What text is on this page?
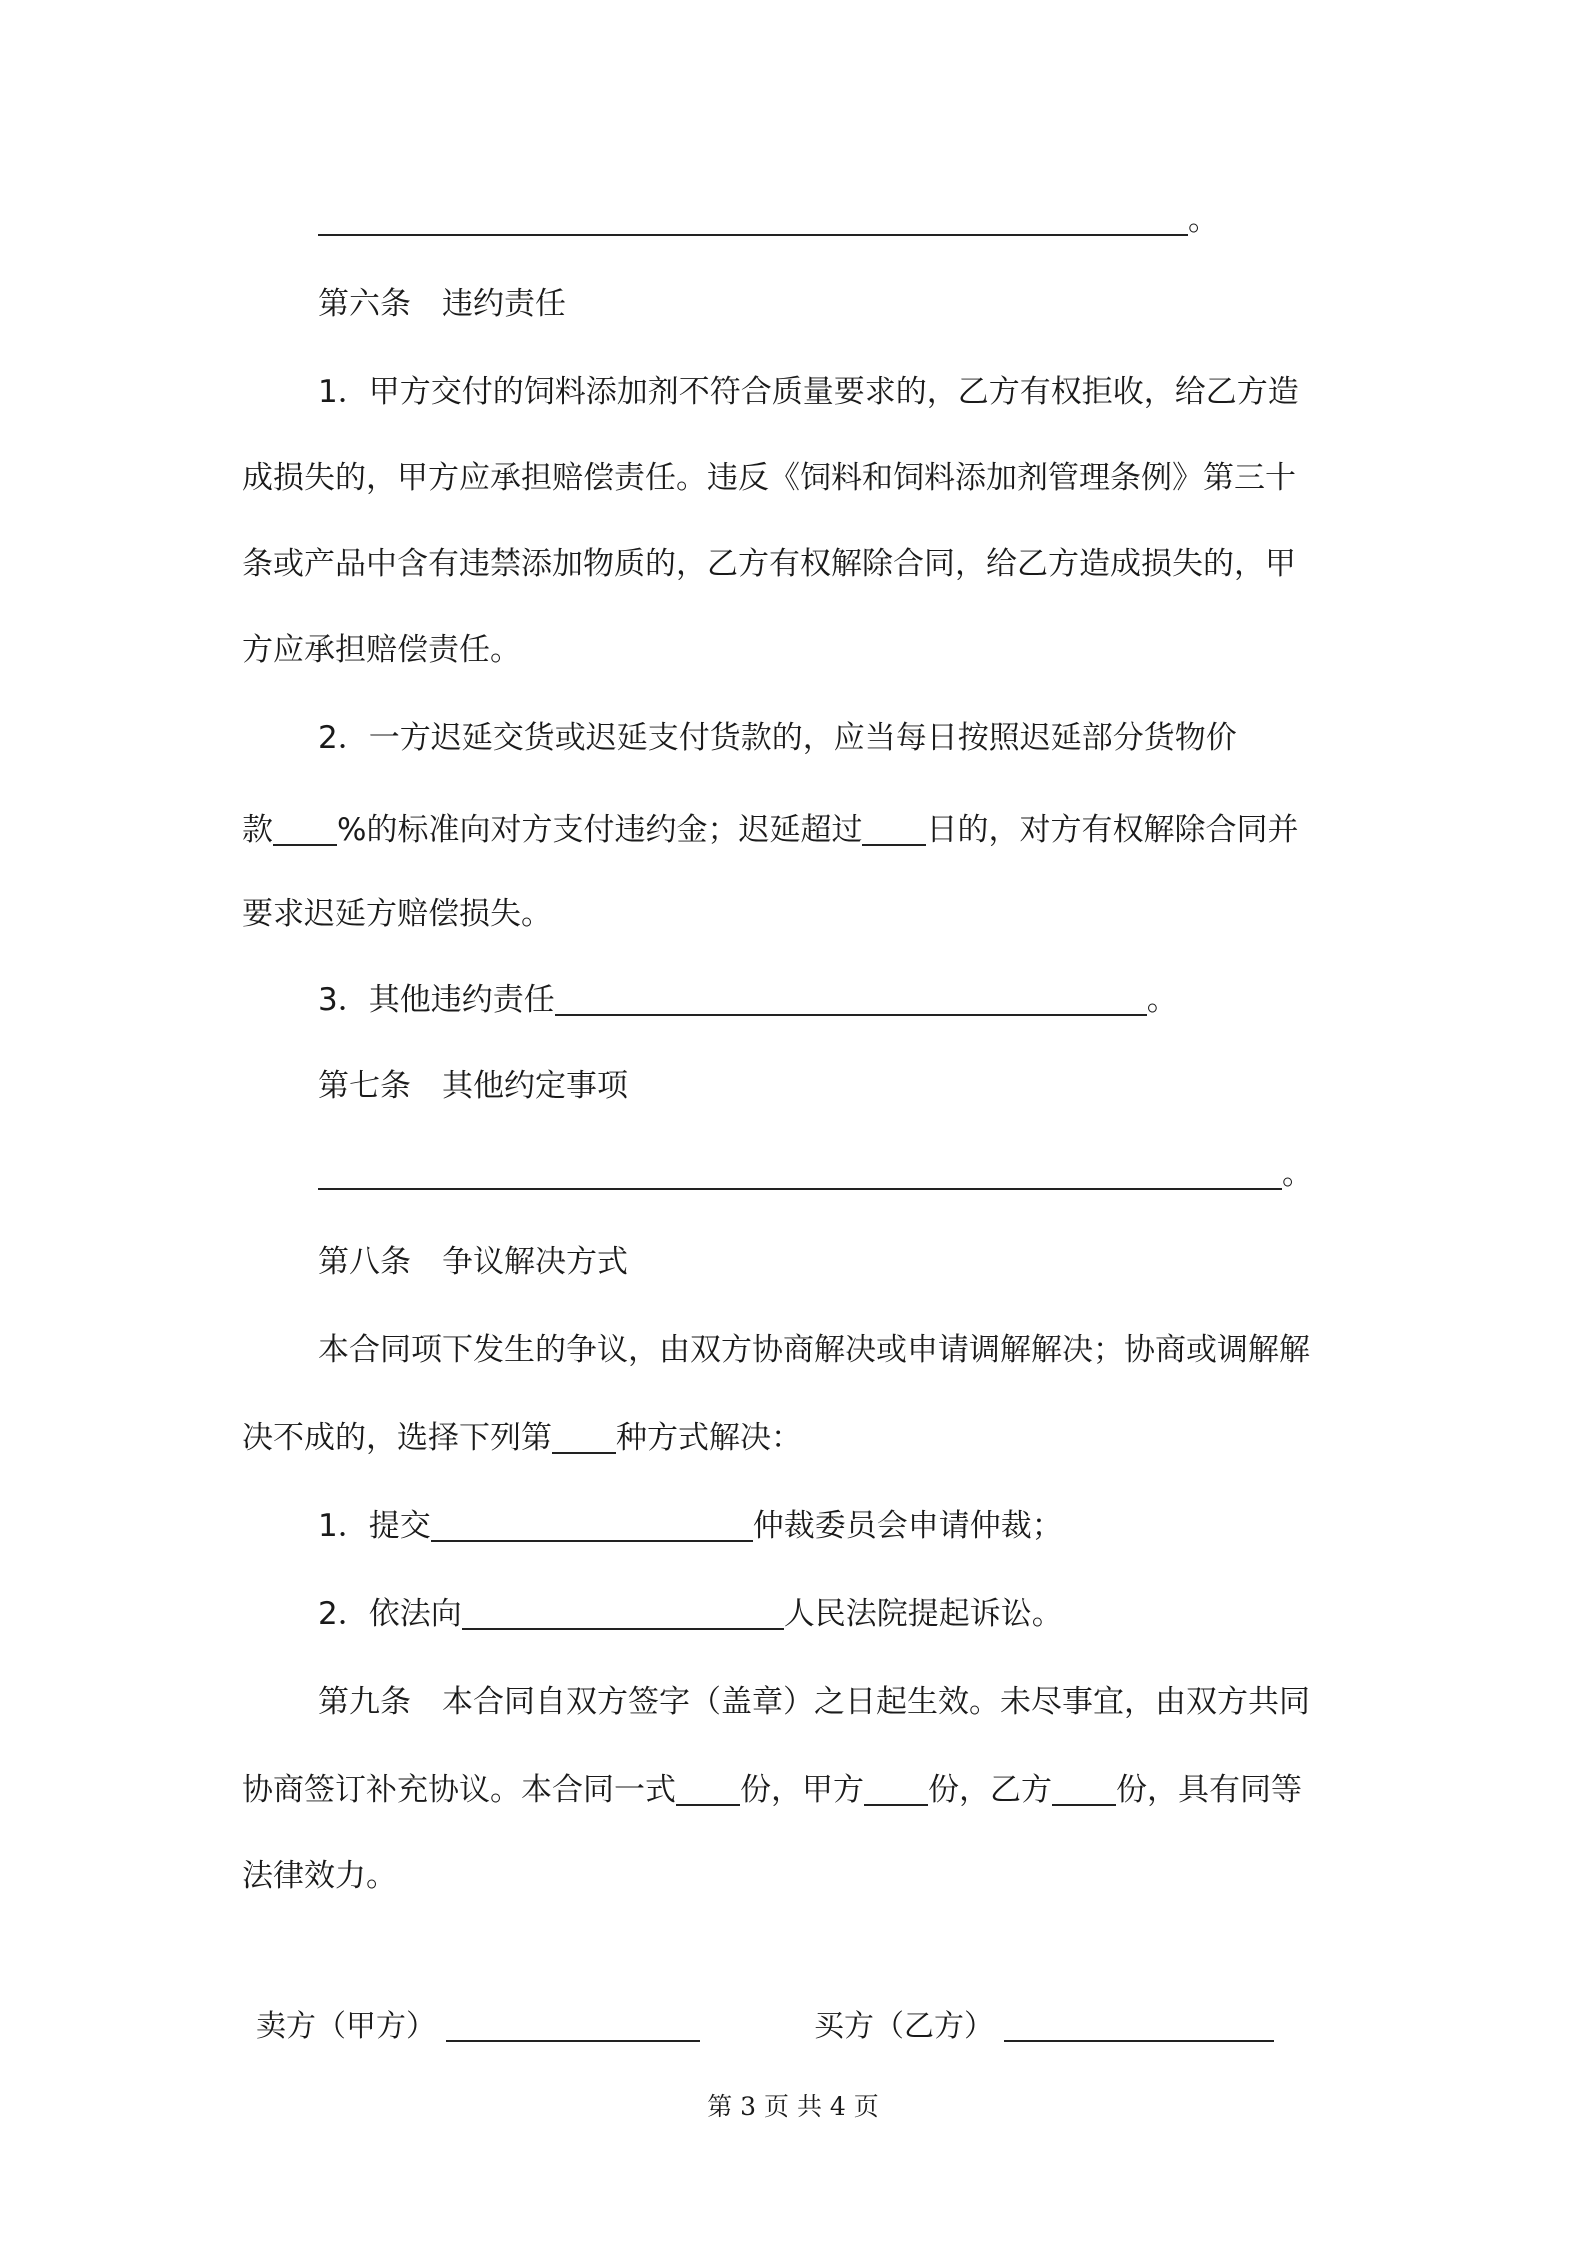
。
第六条　违约责任
1．甲方交付的饲料添加剂不符合质量要求的，乙方有权拒收，给乙方造
成损失的，甲方应承担赔偿责任。违反《饲料和饲料添加剂管理条例》第三十
条或产品中含有违禁添加物质的，乙方有权解除合同，给乙方造成损失的，甲
方应承担赔偿责任。
2．一方迟延交货或迟延支付货款的，应当每日按照迟延部分货物价
款 %的标准向对方支付违约金；迟延超过 日的，对方有权解除合同并
要求迟延方赔偿损失。
3．其他违约责任	。
第七条　其他约定事项
。
第八条　争议解决方式
本合同项下发生的争议，由双方协商解决或申请调解解决；协商或调解解
决不成的，选择下列第 种方式解决：
1．提交	仲裁委员会申请仲裁；
2．依法向	人民法院提起诉讼。
第九条　本合同自双方签字（盖章）之日起生效。未尽事宜，由双方共同
协商签订补充协议。本合同一式 份，甲方 份，乙方 份，具有同等
法律效力。
卖方（甲方）	买方（乙方）
第 3 页 共 4 页
